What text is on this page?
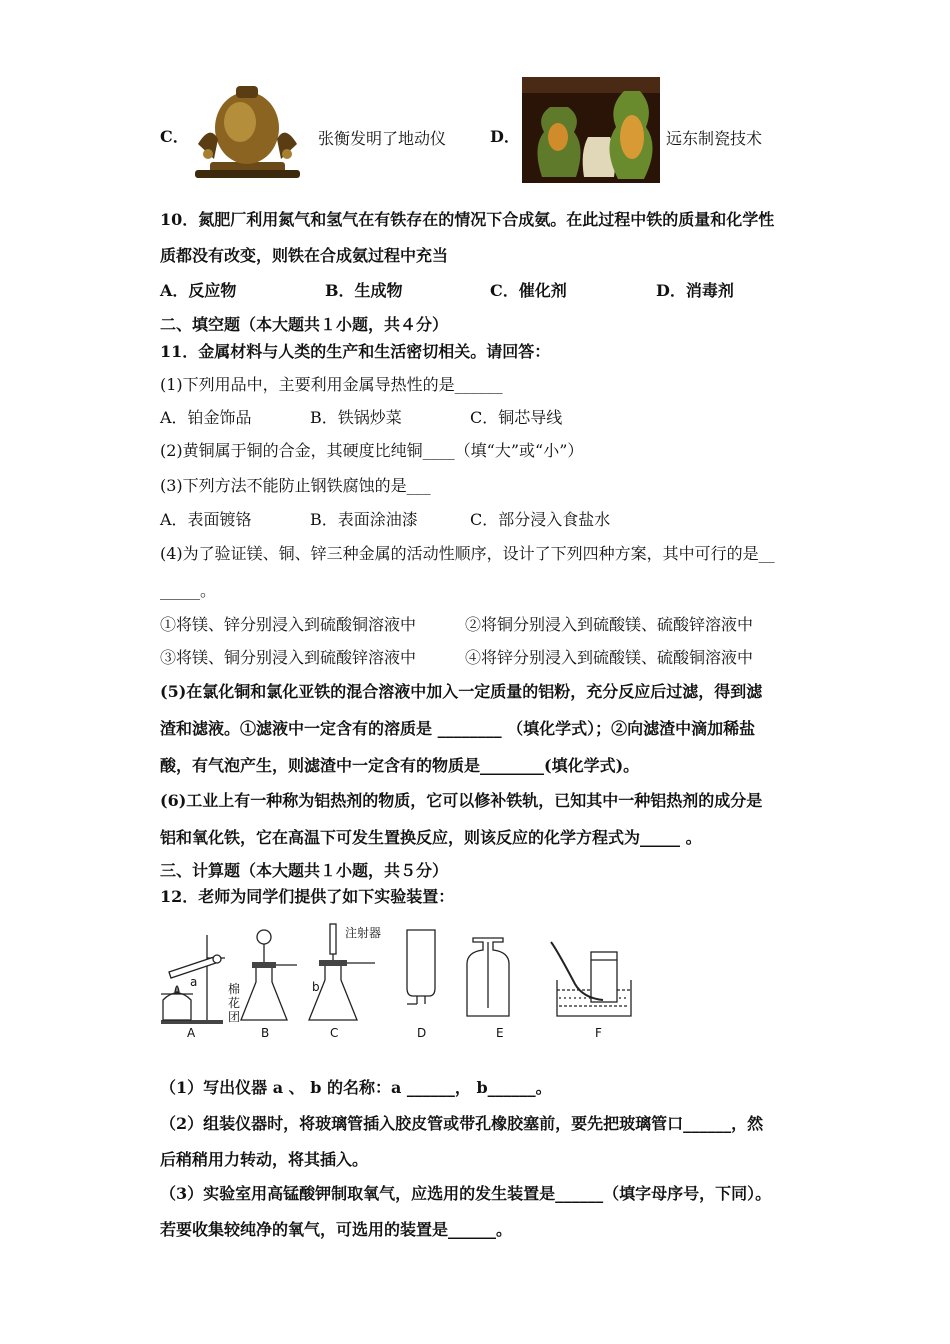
C．	张衡发明了地动仪	D．	远东制瓷技术
10．氮肥厂利用氮气和氢气在有铁存在的情况下合成氨。在此过程中铁的质量和化学性
质都没有改变，则铁在合成氨过程中充当
A．反应物	B．生成物	C．催化剂	D．消毒剂
二、填空题（本大题共１小题，共４分）
11．金属材料与人类的生产和生活密切相关。请回答：
(1)下列用品中，主要利用金属导热性的是______
A．铂金饰品	B．铁锅炒菜	C．铜芯导线
(2)黄铜属于铜的合金，其硬度比纯铜____（填“大”或“小”）
(3)下列方法不能防止钢铁腐蚀的是___
A．表面镀铬	B．表面涂油漆	C．部分浸入食盐水
(4)为了验证镁、铜、锌三种金属的活动性顺序，设计了下列四种方案，其中可行的是__
_____。
①将镁、锌分别浸入到硫酸铜溶液中	②将铜分别浸入到硫酸镁、硫酸锌溶液中
③将镁、铜分别浸入到硫酸锌溶液中	④将锌分别浸入到硫酸镁、硫酸铜溶液中
(5)在氯化铜和氯化亚铁的混合溶液中加入一定质量的铝粉，充分反应后过滤，得到滤
渣和滤液。①滤液中一定含有的溶质是 ________ （填化学式）；②向滤渣中滴加稀盐
酸，有气泡产生，则滤渣中一定含有的物质是________(填化学式)。
(6)工业上有一种称为铝热剂的物质，它可以修补铁轨，已知其中一种铝热剂的成分是
铝和氧化铁，它在高温下可发生置换反应，则该反应的化学方程式为_____ 。
三、计算题（本大题共１小题，共５分）
12．老师为同学们提供了如下实验装置：
a	b
棉花团
注射器
A	B	C	D	E	F
（1）写出仪器 a 、 b 的名称：a ______， b______。
（2）组装仪器时，将玻璃管插入胶皮管或带孔橡胶塞前，要先把玻璃管口______，然
后稍稍用力转动，将其插入。
（3）实验室用高锰酸钾制取氧气，应选用的发生装置是______（填字母序号，下同）。
若要收集较纯净的氧气，可选用的装置是______。
